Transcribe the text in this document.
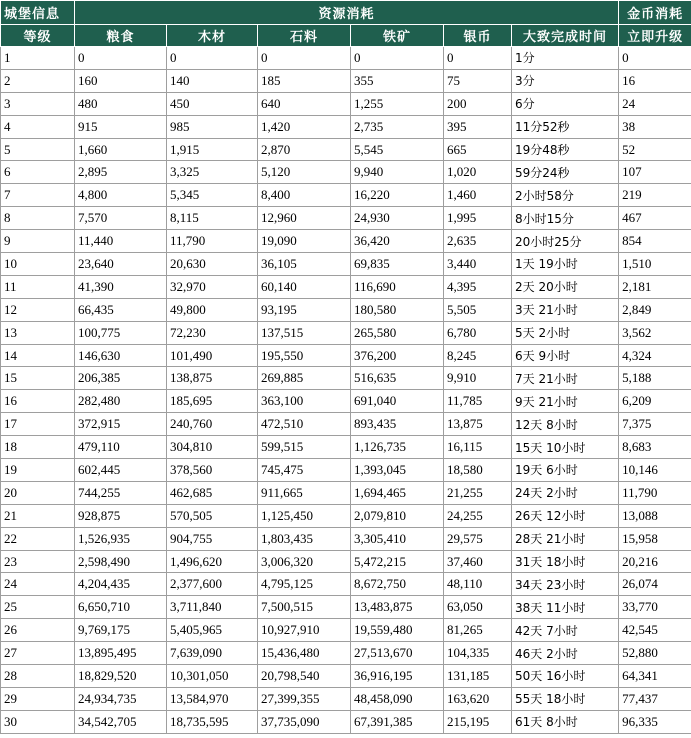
城堡信息	资源消耗						金币消耗
等级	粮食	木材	石料	铁矿	银币	大致完成时间	立即升级
1	0	0	0	0	0	1分	0
2	160	140	185	355	75	3分	16
3	480	450	640	1,255	200	6分	24
4	915	985	1,420	2,735	395	11分52秒	38
5	1,660	1,915	2,870	5,545	665	19分48秒	52
6	2,895	3,325	5,120	9,940	1,020	59分24秒	107
7	4,800	5,345	8,400	16,220	1,460	2小时58分	219
8	7,570	8,115	12,960	24,930	1,995	8小时15分	467
9	11,440	11,790	19,090	36,420	2,635	20小时25分	854
10	23,640	20,630	36,105	69,835	3,440	1天 19小时	1,510
11	41,390	32,970	60,140	116,690	4,395	2天 20小时	2,181
12	66,435	49,800	93,195	180,580	5,505	3天 21小时	2,849
13	100,775	72,230	137,515	265,580	6,780	5天 2小时	3,562
14	146,630	101,490	195,550	376,200	8,245	6天 9小时	4,324
15	206,385	138,875	269,885	516,635	9,910	7天 21小时	5,188
16	282,480	185,695	363,100	691,040	11,785	9天 21小时	6,209
17	372,915	240,760	472,510	893,435	13,875	12天 8小时	7,375
18	479,110	304,810	599,515	1,126,735	16,115	15天 10小时	8,683
19	602,445	378,560	745,475	1,393,045	18,580	19天 6小时	10,146
20	744,255	462,685	911,665	1,694,465	21,255	24天 2小时	11,790
21	928,875	570,505	1,125,450	2,079,810	24,255	26天 12小时	13,088
22	1,526,935	904,755	1,803,435	3,305,410	29,575	28天 21小时	15,958
23	2,598,490	1,496,620	3,006,320	5,472,215	37,460	31天 18小时	20,216
24	4,204,435	2,377,600	4,795,125	8,672,750	48,110	34天 23小时	26,074
25	6,650,710	3,711,840	7,500,515	13,483,875	63,050	38天 11小时	33,770
26	9,769,175	5,405,965	10,927,910	19,559,480	81,265	42天 7小时	42,545
27	13,895,495	7,639,090	15,436,480	27,513,670	104,335	46天 2小时	52,880
28	18,829,520	10,301,050	20,798,540	36,916,195	131,185	50天 16小时	64,341
29	24,934,735	13,584,970	27,399,355	48,458,090	163,620	55天 18小时	77,437
30	34,542,705	18,735,595	37,735,090	67,391,385	215,195	61天 8小时	96,335
